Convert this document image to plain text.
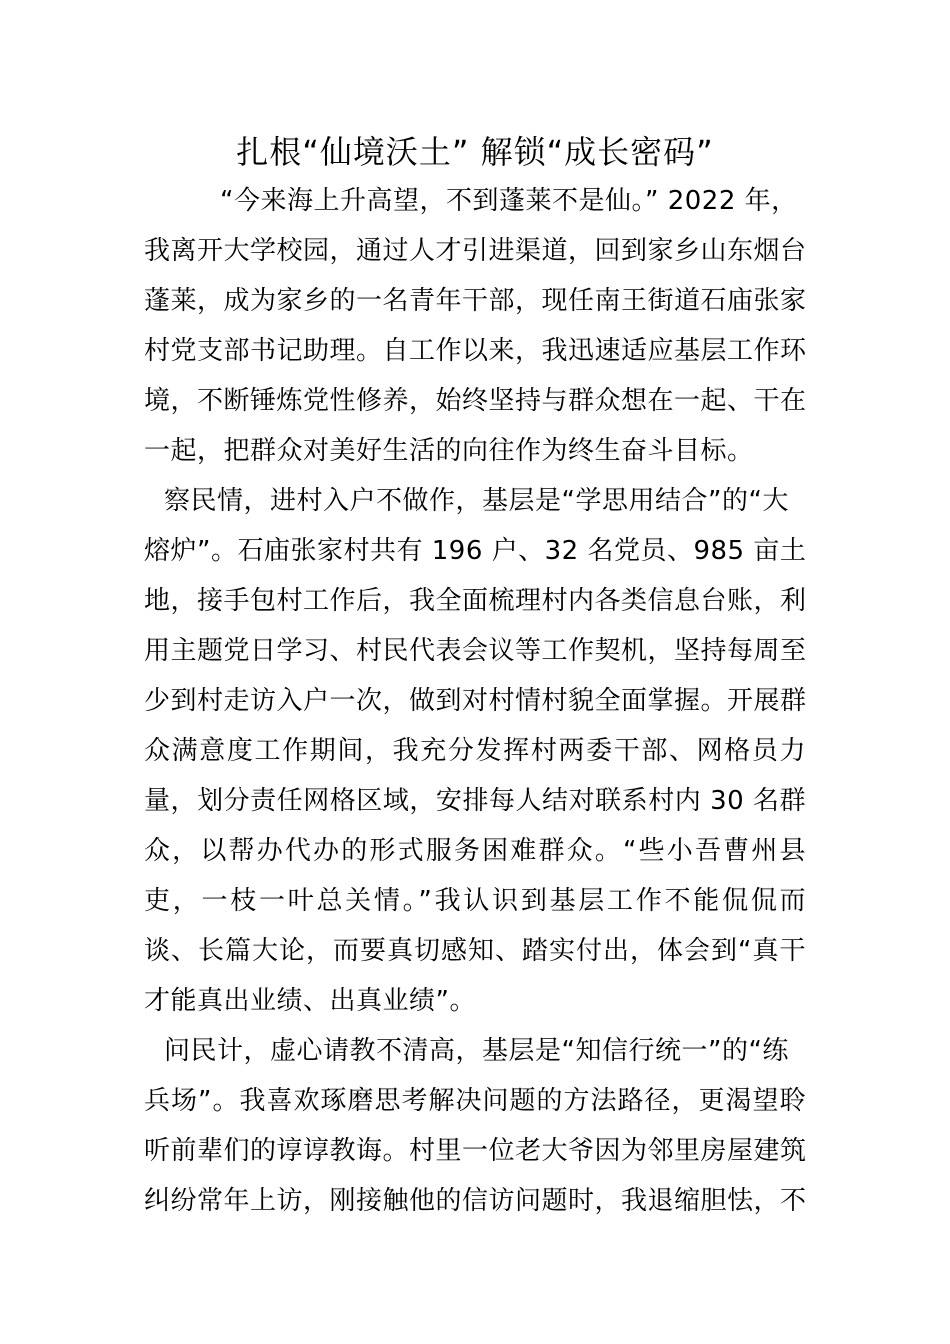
扎根“仙境沃土” 解锁“成长密码”
“今来海上升高望，不到蓬莱不是仙。” 2022 年，
我离开大学校园，通过人才引进渠道，回到家乡山东烟台
蓬莱，成为家乡的一名青年干部，现任南王街道石庙张家
村党支部书记助理。自工作以来，我迅速适应基层工作环
境，不断锤炼党性修养，始终坚持与群众想在一起、干在
一起，把群众对美好生活的向往作为终生奋斗目标。
察民情，进村入户不做作，基层是“学思用结合”的“大
熔炉”。石庙张家村共有 196 户、32 名党员、985 亩土
地，接手包村工作后，我全面梳理村内各类信息台账，利
用主题党日学习、村民代表会议等工作契机，坚持每周至
少到村走访入户一次，做到对村情村貌全面掌握。开展群
众满意度工作期间，我充分发挥村两委干部、网格员力
量，划分责任网格区域，安排每人结对联系村内 30 名群
众，以帮办代办的形式服务困难群众。“些小吾曹州县
吏，一枝一叶总关情。”我认识到基层工作不能侃侃而
谈、长篇大论，而要真切感知、踏实付出，体会到“真干
才能真出业绩、出真业绩”。
问民计，虚心请教不清高，基层是“知信行统一”的“练
兵场”。我喜欢琢磨思考解决问题的方法路径，更渴望聆
听前辈们的谆谆教诲。村里一位老大爷因为邻里房屋建筑
纠纷常年上访，刚接触他的信访问题时，我退缩胆怯，不
